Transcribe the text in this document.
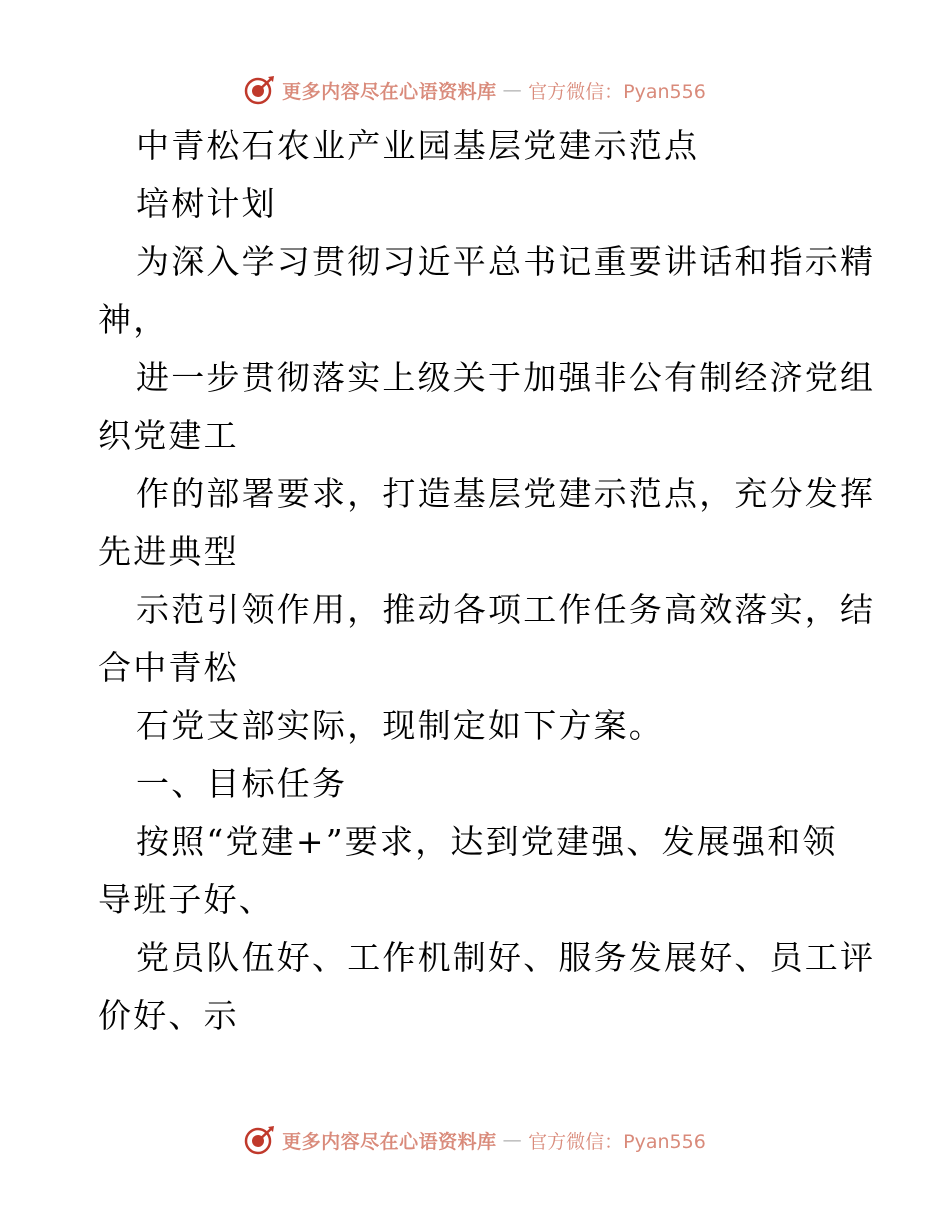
更多内容尽在心语资料库 — 官方微信：Pyan556
中青松石农业产业园基层党建示范点
培树计划
为深入学习贯彻习近平总书记重要讲话和指示精
神，
进一步贯彻落实上级关于加强非公有制经济党组
织党建工
作的部署要求，打造基层党建示范点，充分发挥
先进典型
示范引领作用，推动各项工作任务高效落实，结
合中青松
石党支部实际，现制定如下方案。
一、目标任务
按照“党建+”要求，达到党建强、发展强和领
导班子好、
党员队伍好、工作机制好、服务发展好、员工评
价好、示
更多内容尽在心语资料库 — 官方微信：Pyan556
